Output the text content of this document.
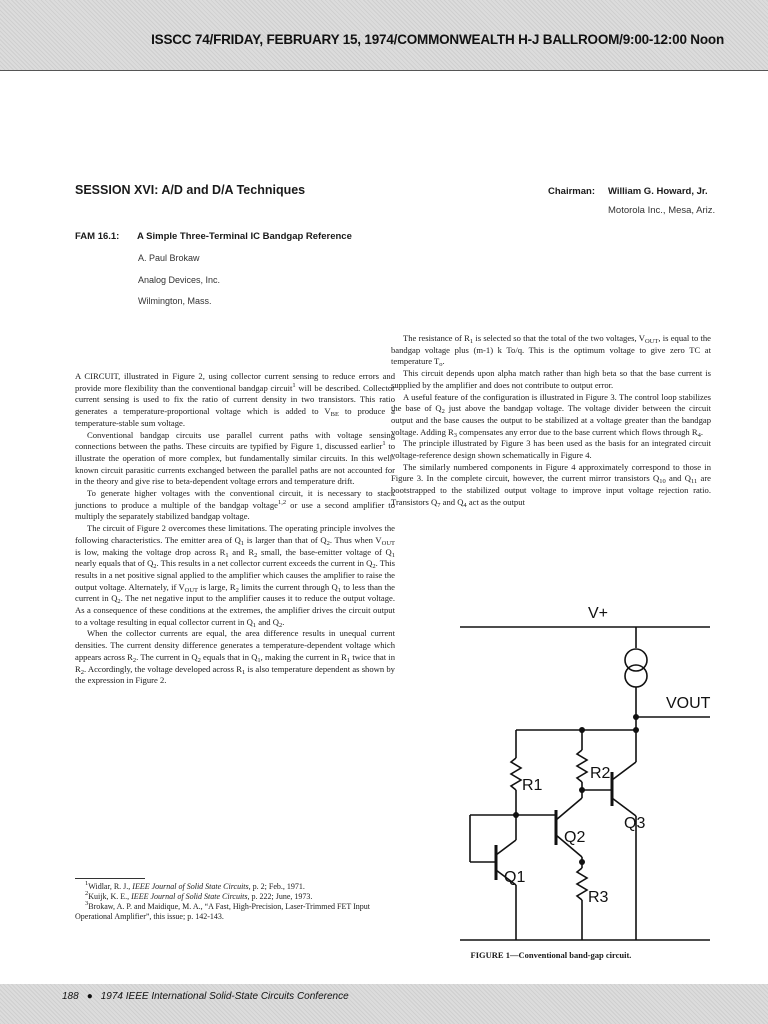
ISSCC 74/FRIDAY, FEBRUARY 15, 1974/COMMONWEALTH H-J BALLROOM/9:00-12:00 Noon
SESSION XVI: A/D and D/A Techniques	Chairman: William G. Howard, Jr.
Motorola Inc., Mesa, Ariz.
FAM 16.1: A Simple Three-Terminal IC Bandgap Reference
A. Paul Brokaw
Analog Devices, Inc.
Wilmington, Mass.

A CIRCUIT, illustrated in Figure 2, using collector current sensing to reduce errors and provide more flexibility than the conventional bandgap circuit$^1$ will be described. Collector current sensing is used to fix the ratio of current density in two transistors. This ratio generates a temperature-proportional voltage which is added to $V_{BE}$ to produce a temperature-stable sum voltage.

Conventional bandgap circuits use parallel current paths with voltage sensing connections between the paths. These circuits are typified by Figure 1, discussed earlier$^1$ to illustrate the operation of more complex, but fundamentally similar circuits. In this well-known circuit parasitic currents exchanged between the parallel paths are not accounted for in the theory and give rise to beta-dependent voltage errors and temperature drift.

To generate higher voltages with the conventional circuit, it is necessary to stack junctions to produce a multiple of the bandgap voltage$^{1,2}$ or use a second amplifier to multiply the separately stabilized bandgap voltage.

The circuit of Figure 2 overcomes these limitations. The operating principle involves the following characteristics. The emitter area of $Q_1$ is larger than that of $Q_2$. Thus when $V_{OUT}$ is low, making the voltage drop across $R_1$ and $R_2$ small, the base-emitter voltage of $Q_1$ nearly equals that of $Q_2$. This results in a net collector current exceeds the current in $Q_2$. This results in a net positive signal applied to the amplifier which causes the amplifier to raise the output voltage. Alternately, if $V_{OUT}$ is large, $R_2$ limits the current through $Q_1$ to less than the current in $Q_2$. The net negative input to the amplifier causes it to reduce the output voltage. As a consequence of these conditions at the extremes, the amplifier drives the circuit output to a voltage resulting in equal collector current in $Q_1$ and $Q_2$.

When the collector currents are equal, the area difference results in unequal current densities. The current density difference generates a temperature-dependent voltage which appears across $R_2$. The current in $Q_2$ equals that in $Q_1$, making the current in $R_1$ twice that in $R_2$. Accordingly, the voltage developed across $R_1$ is also temperature dependent as shown by the expression in Figure 2.

$^1$Widlar, R. J., IEEE Journal of Solid State Circuits, p. 2; Feb., 1971.

$^2$Kuijk, K. E., IEEE Journal of Solid State Circuits, p. 222; June, 1973.

$^3$Brokaw, A. P. and Maidique, M. A., “A Fast, High-Precision, Laser-Trimmed FET Input Operational Amplifier”, this issue; p. 142-143.

The resistance of $R_1$ is selected so that the total of the two voltages, $V_{OUT}$, is equal to the bandgap voltage plus (m-1) k To/q. This is the optimum voltage to give zero TC at temperature $T_o$.

This circuit depends upon alpha match rather than high beta so that the base current is supplied by the amplifier and does not contribute to output error.

A useful feature of the configuration is illustrated in Figure 3. The control loop stabilizes the base of $Q_2$ just above the bandgap voltage. The voltage divider between the circuit output and the base causes the output to be stabilized at a voltage greater than the bandgap voltage. Adding $R_3$ compensates any error due to the base current which flows through $R_4$.

The principle illustrated by Figure 3 has been used as the basis for an integrated circuit voltage-reference design shown schematically in Figure 4.

The similarly numbered components in Figure 4 approximately correspond to those in Figure 3. In the complete circuit, however, the current mirror transistors $Q_{10}$ and $Q_{11}$ are bootstrapped to the stabilized output voltage to improve input voltage rejection ratio. Transistors $Q_7$ and $Q_4$ act as the output

V+
VOUT
R1
R2
R3
Q1
Q2
Q3
FIGURE 1—Conventional band-gap circuit.
188 ● 1974 IEEE International Solid-State Circuits Conference
